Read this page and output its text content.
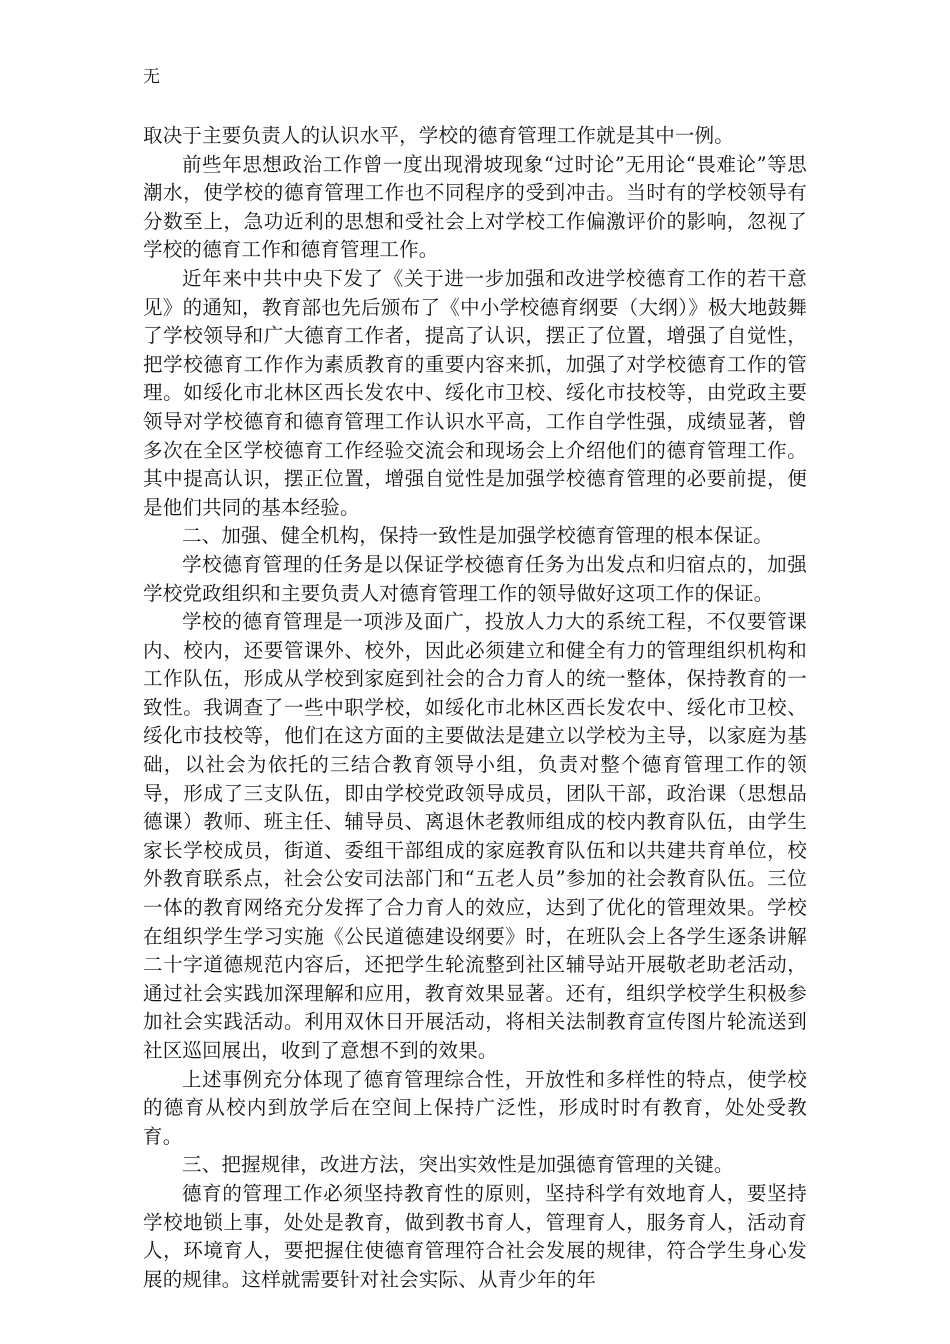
无

取决于主要负责人的认识水平，学校的德育管理工作就是其中一例。

前些年思想政治工作曾一度出现滑坡现象“过时论”无用论“畏难论”等思潮水，使学校的德育管理工作也不同程序的受到冲击。当时有的学校领导有分数至上，急功近利的思想和受社会上对学校工作偏激评价的影响，忽视了学校的德育工作和德育管理工作。

近年来中共中央下发了《关于进一步加强和改进学校德育工作的若干意见》的通知，教育部也先后颁布了《中小学校德育纲要（大纲）》极大地鼓舞了学校领导和广大德育工作者，提高了认识，摆正了位置，增强了自觉性，把学校德育工作作为素质教育的重要内容来抓，加强了对学校德育工作的管理。如绥化市北林区西长发农中、绥化市卫校、绥化市技校等，由党政主要领导对学校德育和德育管理工作认识水平高，工作自学性强，成绩显著，曾多次在全区学校德育工作经验交流会和现场会上介绍他们的德育管理工作。其中提高认识，摆正位置，增强自觉性是加强学校德育管理的必要前提，便是他们共同的基本经验。

二、加强、健全机构，保持一致性是加强学校德育管理的根本保证。

学校德育管理的任务是以保证学校德育任务为出发点和归宿点的，加强学校党政组织和主要负责人对德育管理工作的领导做好这项工作的保证。

学校的德育管理是一项涉及面广，投放人力大的系统工程，不仅要管课内、校内，还要管课外、校外，因此必须建立和健全有力的管理组织机构和工作队伍，形成从学校到家庭到社会的合力育人的统一整体，保持教育的一致性。我调查了一些中职学校，如绥化市北林区西长发农中、绥化市卫校、绥化市技校等，他们在这方面的主要做法是建立以学校为主导，以家庭为基础，以社会为依托的三结合教育领导小组，负责对整个德育管理工作的领导，形成了三支队伍，即由学校党政领导成员，团队干部，政治课（思想品德课）教师、班主任、辅导员、离退休老教师组成的校内教育队伍，由学生家长学校成员，街道、委组干部组成的家庭教育队伍和以共建共育单位，校外教育联系点，社会公安司法部门和“五老人员”参加的社会教育队伍。三位一体的教育网络充分发挥了合力育人的效应，达到了优化的管理效果。学校在组织学生学习实施《公民道德建设纲要》时，在班队会上各学生逐条讲解二十字道德规范内容后，还把学生轮流整到社区辅导站开展敬老助老活动，通过社会实践加深理解和应用，教育效果显著。还有，组织学校学生积极参加社会实践活动。利用双休日开展活动，将相关法制教育宣传图片轮流送到社区巡回展出，收到了意想不到的效果。

上述事例充分体现了德育管理综合性，开放性和多样性的特点，使学校的德育从校内到放学后在空间上保持广泛性，形成时时有教育，处处受教育。

三、把握规律，改进方法，突出实效性是加强德育管理的关键。

德育的管理工作必须坚持教育性的原则，坚持科学有效地育人，要坚持学校地锁上事，处处是教育，做到教书育人，管理育人，服务育人，活动育人，环境育人，要把握住使德育管理符合社会发展的规律，符合学生身心发展的规律。这样就需要针对社会实际、从青少年的年
